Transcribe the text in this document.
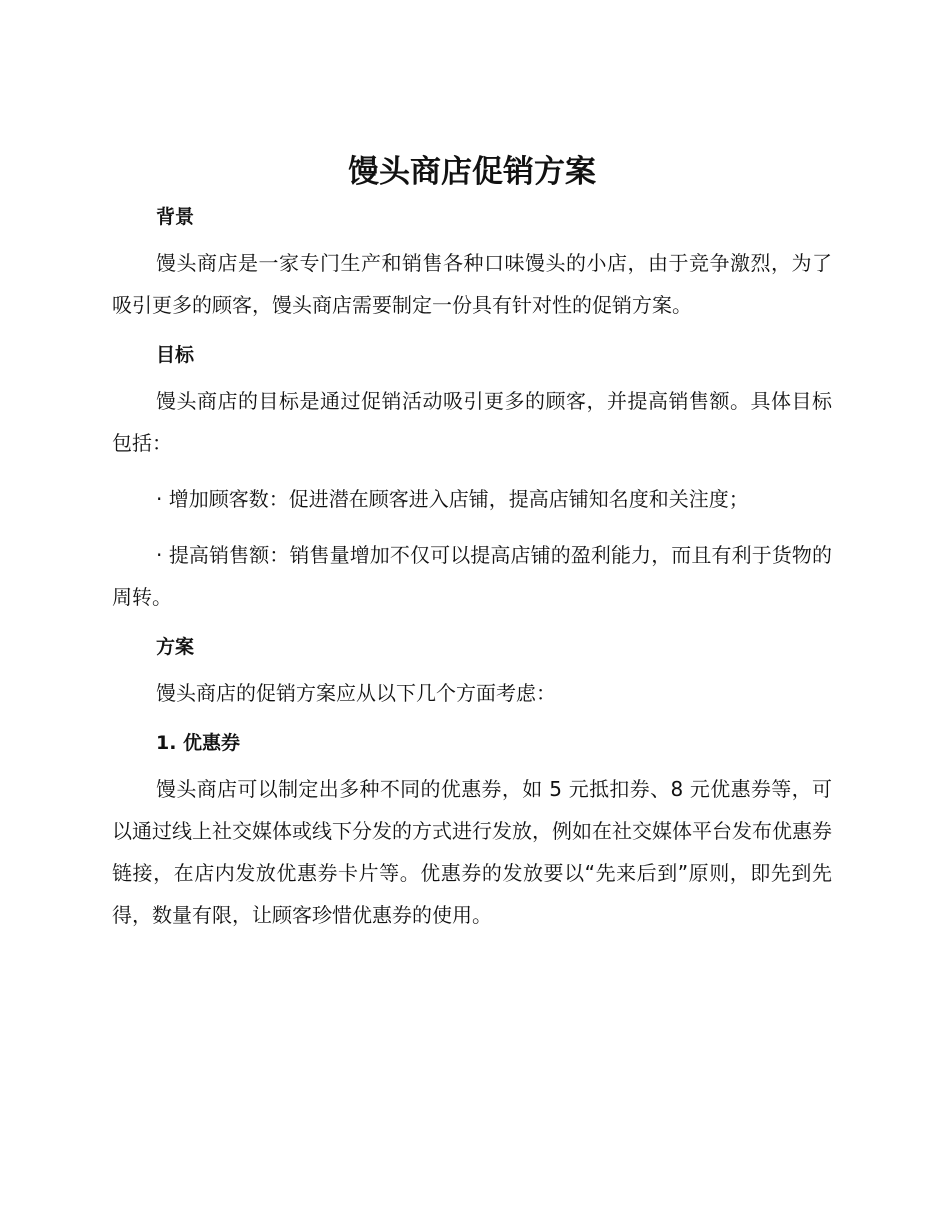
馒头商店促销方案
背景

馒头商店是一家专门生产和销售各种口味馒头的小店，由于竞争激烈，为了吸引更多的顾客，馒头商店需要制定一份具有针对性的促销方案。

目标

馒头商店的目标是通过促销活动吸引更多的顾客，并提高销售额。具体目标包括：

· 增加顾客数：促进潜在顾客进入店铺，提高店铺知名度和关注度；

· 提高销售额：销售量增加不仅可以提高店铺的盈利能力，而且有利于货物的周转。

方案

馒头商店的促销方案应从以下几个方面考虑：

1. 优惠券

馒头商店可以制定出多种不同的优惠券，如 5 元抵扣券、8 元优惠券等，可以通过线上社交媒体或线下分发的方式进行发放，例如在社交媒体平台发布优惠券链接，在店内发放优惠券卡片等。优惠券的发放要以“先来后到”原则，即先到先得，数量有限，让顾客珍惜优惠券的使用。
